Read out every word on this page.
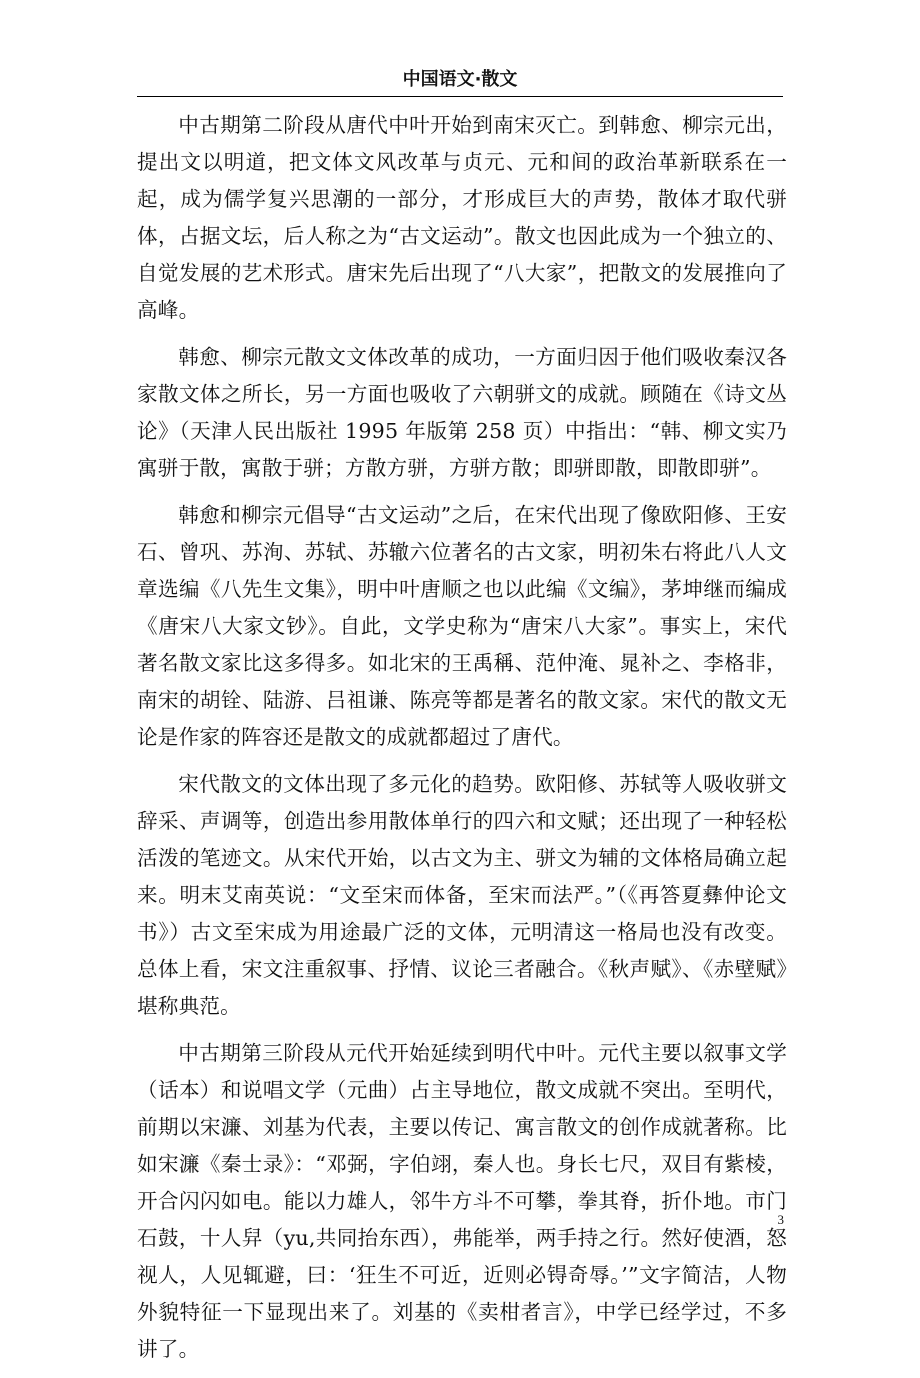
中国语文·散文

中古期第二阶段从唐代中叶开始到南宋灭亡。到韩愈、柳宗元出，提出文以明道，把文体文风改革与贞元、元和间的政治革新联系在一起，成为儒学复兴思潮的一部分，才形成巨大的声势，散体才取代骈体，占据文坛，后人称之为“古文运动”。散文也因此成为一个独立的、自觉发展的艺术形式。唐宋先后出现了“八大家”，把散文的发展推向了高峰。

韩愈、柳宗元散文文体改革的成功，一方面归因于他们吸收秦汉各家散文体之所长，另一方面也吸收了六朝骈文的成就。顾随在《诗文丛论》（天津人民出版社 1995 年版第 258 页）中指出：“韩、柳文实乃寓骈于散，寓散于骈；方散方骈，方骈方散；即骈即散，即散即骈”。

韩愈和柳宗元倡导“古文运动”之后，在宋代出现了像欧阳修、王安石、曾巩、苏洵、苏轼、苏辙六位著名的古文家，明初朱右将此八人文章选编《八先生文集》，明中叶唐顺之也以此编《文编》，茅坤继而编成《唐宋八大家文钞》。自此，文学史称为“唐宋八大家”。事实上，宋代著名散文家比这多得多。如北宋的王禹稱、范仲淹、晁补之、李格非，南宋的胡铨、陆游、吕祖谦、陈亮等都是著名的散文家。宋代的散文无论是作家的阵容还是散文的成就都超过了唐代。

宋代散文的文体出现了多元化的趋势。欧阳修、苏轼等人吸收骈文辞采、声调等，创造出参用散体单行的四六和文赋；还出现了一种轻松活泼的笔迹文。从宋代开始，以古文为主、骈文为辅的文体格局确立起来。明末艾南英说：“文至宋而体备，至宋而法严。”（《再答夏彝仲论文书》）古文至宋成为用途最广泛的文体，元明清这一格局也没有改变。总体上看，宋文注重叙事、抒情、议论三者融合。《秋声赋》、《赤壁赋》堪称典范。

中古期第三阶段从元代开始延续到明代中叶。元代主要以叙事文学（话本）和说唱文学（元曲）占主导地位，散文成就不突出。至明代，前期以宋濂、刘基为代表，主要以传记、寓言散文的创作成就著称。比如宋濂《秦士录》：“邓弼，字伯翊，秦人也。身长七尺，双目有紫棱，开合闪闪如电。能以力雄人，邻牛方斗不可攀，拳其脊，折仆地。市门石鼓，十人舁（yu,共同抬东西），弗能举，两手持之行。然好使酒，怒视人，人见辄避，曰：‘狂生不可近，近则必锝奇辱。’”文字简洁，人物外貌特征一下显现出来了。刘基的《卖柑者言》，中学已经学过，不多讲了。

3
